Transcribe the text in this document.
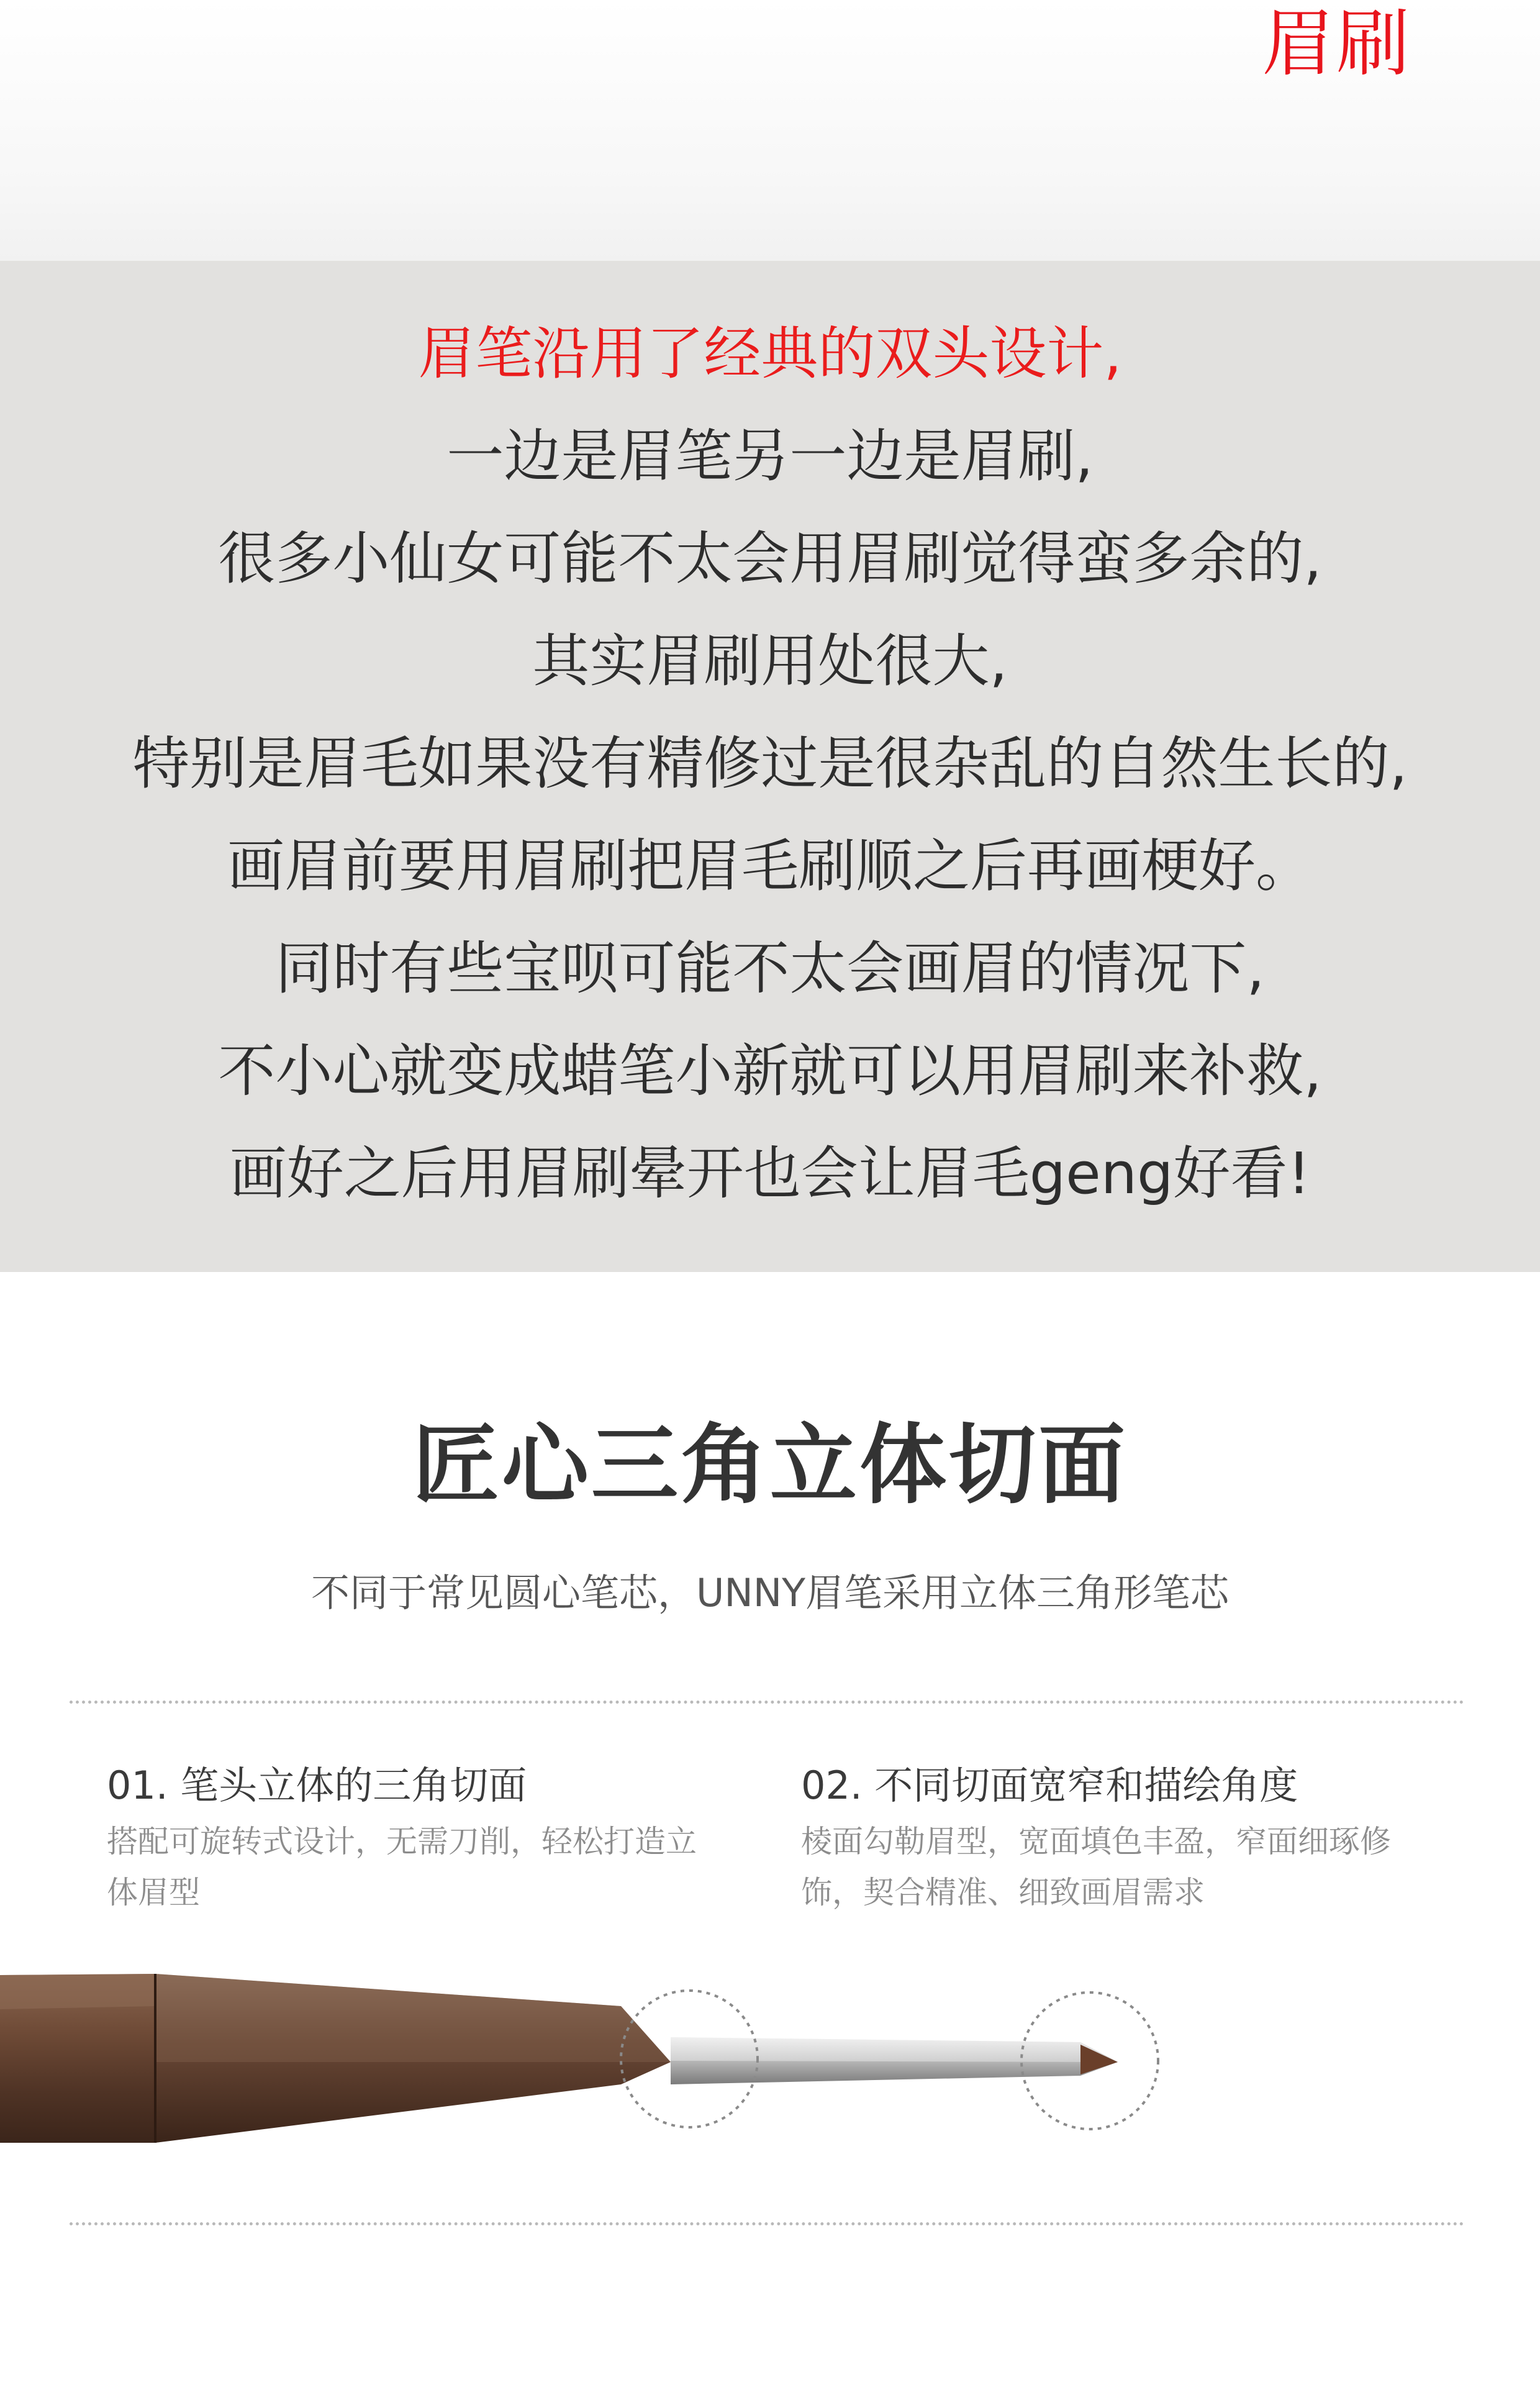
眉刷

眉笔沿用了经典的双头设计,

一边是眉笔另一边是眉刷,

很多小仙女可能不太会用眉刷觉得蛮多余的,

其实眉刷用处很大,

特别是眉毛如果没有精修过是很杂乱的自然生长的,

画眉前要用眉刷把眉毛刷顺之后再画梗好。

同时有些宝呗可能不太会画眉的情况下,

不小心就变成蜡笔小新就可以用眉刷来补救,

画好之后用眉刷晕开也会让眉毛geng好看!

匠心三角立体切面
不同于常见圆心笔芯，UNNY眉笔采用立体三角形笔芯
01. 笔头立体的三角切面
搭配可旋转式设计，无需刀削，轻松打造立体眉型
02. 不同切面宽窄和描绘角度
棱面勾勒眉型，宽面填色丰盈，窄面细琢修饰，契合精准、细致画眉需求
